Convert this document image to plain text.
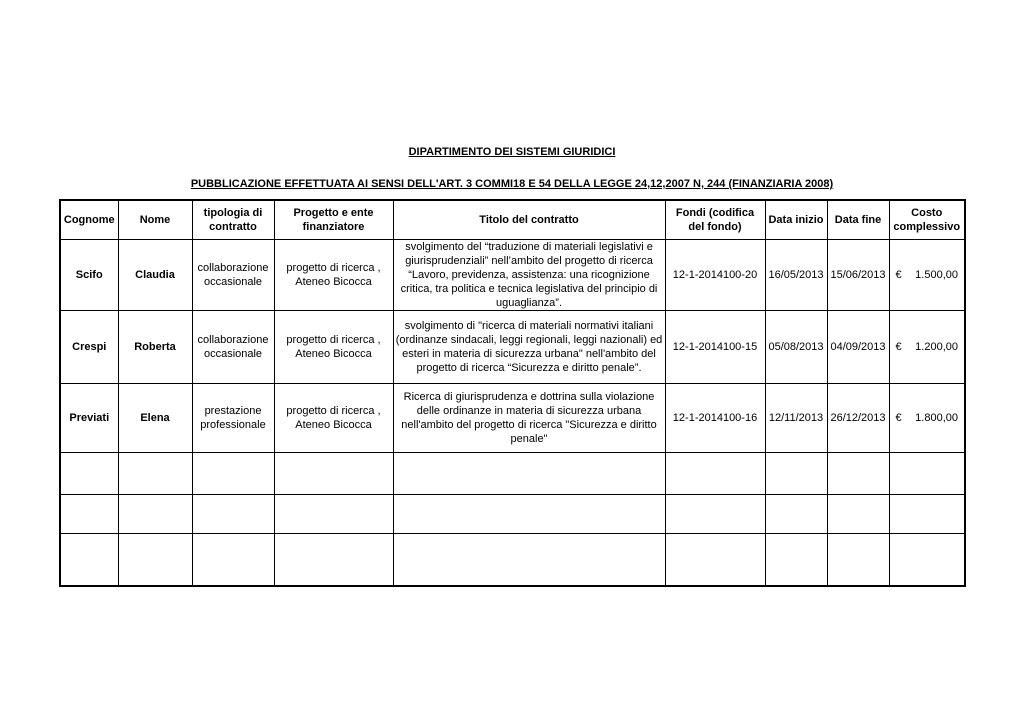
DIPARTIMENTO DEI SISTEMI GIURIDICI
PUBBLICAZIONE EFFETTUATA AI SENSI DELL'ART. 3 COMMI18 E 54 DELLA LEGGE 24,12,2007 N, 244 (FINANZIARIA 2008)
Cognome	Nome	tipologia di contratto	Progetto e ente finanziatore	Titolo del contratto	Fondi (codifica del fondo)	Data inizio	Data fine	Costo complessivo
Scifo	Claudia	collaborazione occasionale	progetto di ricerca , Ateneo Bicocca	svolgimento del “traduzione di materiali legislativi e giurisprudenziali” nell’ambito del progetto di ricerca “Lavoro, previdenza, assistenza: una ricognizione critica, tra politica e tecnica legislativa del principio di uguaglianza”.	12-1-2014100-20	16/05/2013	15/06/2013	€ 1.500,00

Crespi	Roberta	collaborazione occasionale	progetto di ricerca , Ateneo Bicocca	svolgimento di "ricerca di materiali normativi italiani (ordinanze sindacali, leggi regionali, leggi nazionali) ed esteri in materia di sicurezza urbana" nell'ambito del progetto di ricerca “Sicurezza e diritto penale”.	12-1-2014100-15	05/08/2013	04/09/2013	€ 1.200,00

Previati	Elena	prestazione professionale	progetto di ricerca , Ateneo Bicocca	Ricerca di giurisprudenza e dottrina sulla violazione delle ordinanze in materia di sicurezza urbana nell'ambito del progetto di ricerca "Sicurezza e diritto penale"	12-1-2014100-16	12/11/2013	26/12/2013	€ 1.800,00
